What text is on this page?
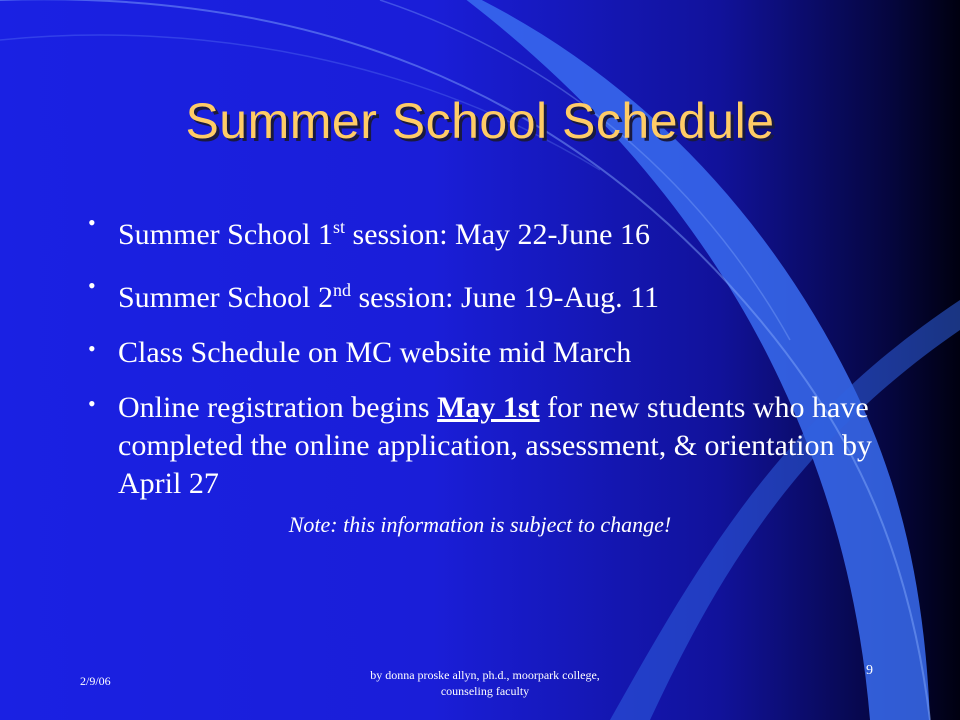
Summer School Schedule
• Summer School 1st session: May 22-June 16
• Summer School 2nd session: June 19-Aug. 11
• Class Schedule on MC website mid March
• Online registration begins May 1st for new students who have completed the online application, assessment, & orientation by April 27
Note: this information is subject to change!
2/9/06	by donna proske allyn, ph.d., moorpark college,
counseling faculty
9
